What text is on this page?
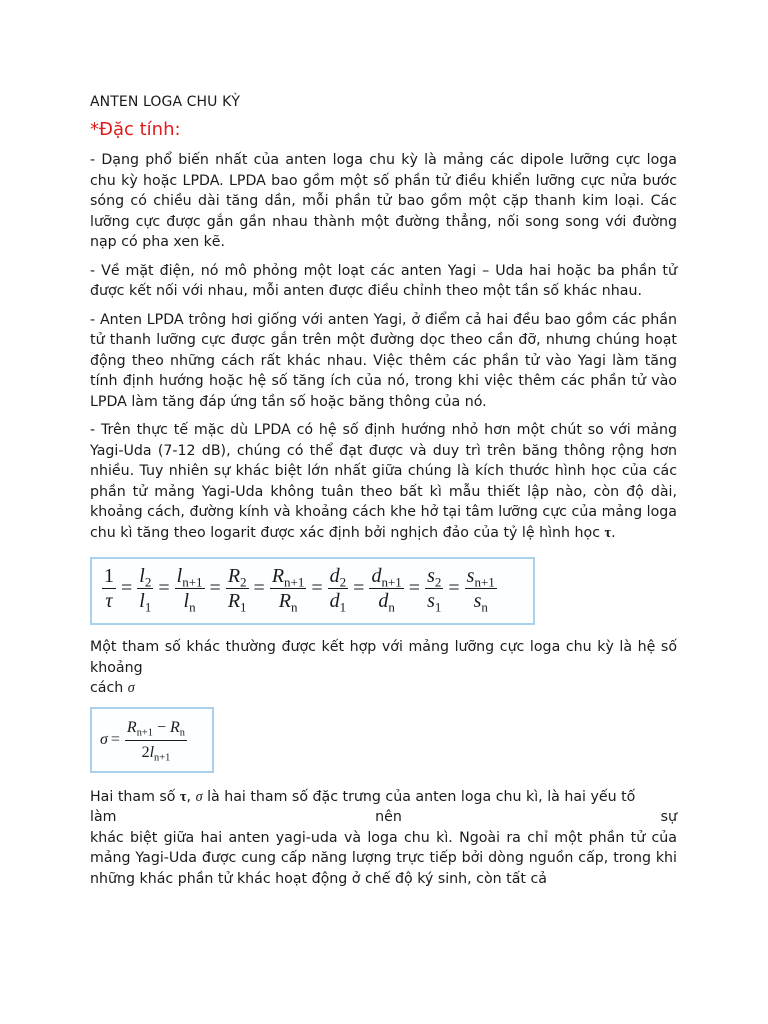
ANTEN LOGA CHU KỲ
*Đặc tính:

- Dạng phổ biến nhất của anten loga chu kỳ là mảng các dipole lưỡng cực loga chu kỳ hoặc LPDA. LPDA bao gồm một số phần tử điều khiển lưỡng cực nửa bước sóng có chiều dài tăng dần, mỗi phần tử bao gồm một cặp thanh kim loại. Các lưỡng cực được gắn gần nhau thành một đường thẳng, nối song song với đường nạp có pha xen kẽ.

- Về mặt điện, nó mô phỏng một loạt các anten Yagi – Uda hai hoặc ba phần tử được kết nối với nhau, mỗi anten được điều chỉnh theo một tần số khác nhau.

- Anten LPDA trông hơi giống với anten Yagi, ở điểm cả hai đều bao gồm các phần tử thanh lưỡng cực được gắn trên một đường dọc theo cần đỡ, nhưng chúng hoạt động theo những cách rất khác nhau. Việc thêm các phần tử vào Yagi làm tăng tính định hướng hoặc hệ số tăng ích của nó, trong khi việc thêm các phần tử vào LPDA làm tăng đáp ứng tần số hoặc băng thông của nó.

- Trên thực tế mặc dù LPDA có hệ số định hướng nhỏ hơn một chút so với mảng Yagi-Uda (7-12 dB), chúng có thể đạt được và duy trì trên băng thông rộng hơn nhiều. Tuy nhiên sự khác biệt lớn nhất giữa chúng là kích thước hình học của các phần tử mảng Yagi-Uda không tuân theo bất kì mẫu thiết lập nào, còn độ dài, khoảng cách, đường kính và khoảng cách khe hở tại tâm lưỡng cực của mảng loga chu kì tăng theo logarit được xác định bởi nghịch đảo của tỷ lệ hình học τ.

$\frac{1}{\tau} = \frac{l_2}{l_1} = \frac{l_{n+1}}{l_n} = \frac{R_2}{R_1} = \frac{R_{n+1}}{R_n} = \frac{d_2}{d_1} = \frac{d_{n+1}}{d_n} = \frac{s_2}{s_1} = \frac{s_{n+1}}{s_n}$

Một tham số khác thường được kết hợp với mảng lưỡng cực loga chu kỳ là hệ số khoảng
cách σ

$\sigma = \frac{R_{n+1} - R_n}{2l_{n+1}}$

Hai tham số τ, σ là hai tham số đặc trưng của anten loga chu kì, là hai yếu tố
làm	nên	sự
khác biệt giữa hai anten yagi-uda và loga chu kì. Ngoài ra chỉ một phần tử của mảng Yagi-Uda được cung cấp năng lượng trực tiếp bởi dòng nguồn cấp, trong khi những khác phần tử khác hoạt động ở chế độ ký sinh, còn tất cả
